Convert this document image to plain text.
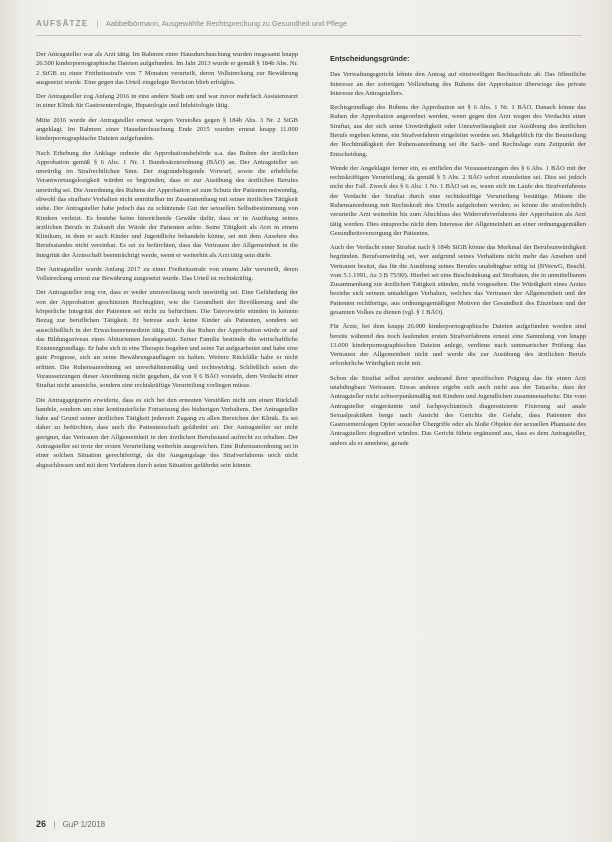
AUFSÄTZE | Aabbelbörmann, Ausgewählte Rechtsprechung zu Gesundheit und Pflege

Der Antragsteller war als Arzt tätig. Im Rahmen einer Hausdurchsuchung wurden insgesamt knapp 26.500 kinderpornographische Dateien aufgefunden. Im Jahr 2013 wurde er gemäß § 184b Abs. Nr. 2 StGB zu einer Freiheitsstrafe von 7 Monaten verurteilt, deren Vollstreckung zur Bewährung ausgesetzt wurde. Eine gegen das Urteil eingelegte Revision blieb erfolglos.

Der Antragsteller zog Anfang 2016 in eine andere Stadt um und war zuvor mehrfach Assistenzarzt in einer Klinik für Gastroenterologie, Hepatologie und Infektiologie tätig.

Mitte 2016 wurde der Antragsteller erneut wegen Verstoßes gegen § 184b Abs. 3 Nr. 2 StGB angeklagt. Im Rahmen einer Hausdurchsuchung Ende 2015 wurden erneut knapp 11.000 kinderpornographische Dateien aufgefunden.

Nach Erhebung der Anklage ordnete die Approbationsbehörde u.a. das Ruhen der ärztlichen Approbation gemäß § 6 Abs. 1 Nr. 1 Bundesärzteordnung (BÄO) an. Der Antragsteller sei unwürdig im Strafrechtlichen Sinn. Der zugrundeliegende Vorwurf, sowie die erhebliche Verantwortungslosigkeit würden es begründen, dass er zur Ausübung des ärztlichen Berufes unwürdig sei. Die Anordnung des Ruhens der Approbation sei zum Schutz der Patienten notwendig, obwohl das strafbare Verhalten nicht unmittelbar im Zusammenhang mit seiner ärztlichen Tätigkeit stehe. Der Antragsteller habe jedoch das zu schützende Gut der sexuellen Selbstbestimmung von Kindern verletzt. Es bestehe keine hinreichende Gewähr dafür, dass er in Ausübung seines ärztlichen Berufs in Zukunft die Würde der Patienten achte. Seine Tätigkeit als Arzt in einem Klinikum, in dem er auch Kinder und Jugendliche behandeln könne, sei mit dem Ansehen des Berufsstandes nicht vereinbar. Es sei zu befürchten, dass das Vertrauen der Allgemeinheit in die Integrität der Ärzteschaft beeinträchtigt werde, wenn er weiterhin als Arzt tätig sein dürfe.

Der Antragsteller wurde Anfang 2017 zu einer Freiheitsstrafe von einem Jahr verurteilt, deren Vollstreckung erneut zur Bewährung ausgesetzt wurde. Das Urteil ist rechtskräftig.

Der Antragsteller trug vor, dass er weder unzuverlässig noch unwürdig sei. Eine Gefährdung der von der Approbation geschützten Rechtsgüter, wie die Gesundheit der Bevölkerung und die körperliche Integrität der Patienten sei nicht zu befürchten. Die Tatvorwürfe stünden in keinem Bezug zur beruflichen Tätigkeit. Er betreue auch keine Kinder als Patienten, sondern sei ausschließlich in der Erwachsenenmedizin tätig. Durch das Ruhen der Approbation würde er auf das Bildungsniveau eines Abiturienten herabgesetzt. Seiner Familie bestünde die wirtschaftliche Existenzgrundlage. Er habe sich in eine Therapie begeben und seine Tat aufgearbeitet und habe eine gute Prognose, sich an seine Bewährungsauflagen zu halten. Weitere Rückfälle habe er nicht erlitten. Die Ruhensanordnung sei unverhältnismäßig und rechtswidrig. Schließlich seien die Voraussetzungen dieser Anordnung nicht gegeben, da von § 6 BÄO vorsieht, dem Verdacht einer Straftat nicht ausreiche, sondern eine rechtskräftige Verurteilung vorliegen müsse.

Die Antragsgegnerin erwiderte, dass es sich bei den erneuten Verstößen nicht um einen Rückfall handele, sondern um eine kontinuierliche Fortsetzung des bisherigen Verhaltens. Der Antragsteller habe auf Grund seiner ärztlichen Tätigkeit jederzeit Zugang zu allen Bereichen der Klinik. Es sei daher zu befürchten, dass auch die Patientenschaft gefährdet sei. Der Antragsteller sei nicht geeignet, das Vertrauen der Allgemeinheit in den ärztlichen Berufsstand aufrecht zu erhalten. Der Antragsteller sei trotz der ersten Verurteilung weiterhin ausgewichen. Eine Ruhensanordnung sei in einer solchen Situation gerechtfertigt, da die Ausgangslage des Strafverfahrens noch nicht abgeschlossen und mit dem Verfahren durch seine Situation gefährdet sein könnte.

Entscheidungsgründe:

Das Verwaltungsgericht lehnte den Antrag auf einstweiligen Rechtsschutz ab. Das öffentliche Interesse an der sofortigen Vollziehung des Ruhens der Approbation überwiege das private Interesse des Antragstellers.

Rechtsgrundlage des Ruhens der Approbation sei § 6 Abs. 1 Nr. 1 BÄO. Danach könne das Ruhen der Approbation angeordnet werden, wenn gegen den Arzt wegen des Verdachts einer Straftat, aus der sich seine Unwürdigkeit oder Unzuverlässigkeit zur Ausübung des ärztlichen Berufs ergeben könne, ein Strafverfahren eingeleitet worden sei. Maßgeblich für die Beurteilung der Rechtmäßigkeit der Ruhensanordnung sei die Sach- und Rechtslage zum Zeitpunkt der Entscheidung.

Wende der Angeklagte ferner ein, es entfielen die Voraussetzungen des § 6 Abs. 1 BÄO mit der rechtskräftigen Verurteilung, da gemäß § 5 Abs. 2 BÄO sofort einzuleiten sei. Dies sei jedoch nicht der Fall. Zweck des § 6 Abs. 1 Nr. 1 BÄO sei es, wenn sich im Laufe des Strafverfahrens der Verdacht der Straftat durch eine rechtskräftige Verurteilung bestätige. Müsste die Ruhensanordnung mit Rechtskraft des Urteils aufgehoben werden, so könne die strafrechtlich verurteilte Arzt weiterhin bis zum Abschluss des Widerrufsverfahrens der Approbation als Arzt tätig werden. Dies entspreche nicht dem Interesse der Allgemeinheit an einer ordnungsgemäßen Gesundheitsversorgung der Patienten.

Auch der Verdacht einer Straftat nach § 184b StGB könne das Merkmal der Berufsunwürdigkeit begründen. Berufsunwürdig sei, wer aufgrund seines Verhaltens nicht mehr das Ansehen und Vertrauen besitzt, das für die Ausübung seines Berufes unabdingbar nötig ist (BVerwG, Beschl. vom 5.1.1991, Az 3 B 75/90). Hierbei sei eine Beschränkung auf Straftaten, die in unmittelbarem Zusammenhang zur ärztlichen Tätigkeit stünden, nicht vorgesehen. Die Würdigkeit eines Arztes beziehe sich seinem untadeligen Verhalten, welches das Vertrauen der Allgemeinheit und der Patienten rechtfertige, aus ordnungsgemäßigen Motiven der Gesundheit des Einzelnen und der gesamten Volkes zu dienen (vgl. § 1 BÄO).

Für Ärzte, bei dem knapp 26.000 kinderpornographische Dateien aufgefunden worden sind bereits während des noch laufenden ersten Strafverfahrens erneut eine Sammlung von knapp 13.000 kinderpornographischen Dateien anlege, verdiene nach summarischer Prüfung das Vertrauen der Allgemeinheit nicht und werde die zur Ausübung des ärztlichen Berufs erforderliche Würdigkeit nicht mit.

Schon die Straftat selbst zerstöre anderand ihrer spezifischen Prägung das für einen Arzt unabdingbare Vertrauen. Etwas anderes ergebe sich auch nicht aus der Tatsache, dass der Antragsteller nicht schwerpunktmäßig mit Kindern und Jugendlichen zusammenarbeite. Die vom Antragsteller eingeräumte und fachpsychiatrisch diagnostizierte Fixierung auf anale Sexualpraktiken berge nach Ansicht des Gerichts die Gefahr, dass Patienten des Gastroenterologen Opfer sexueller Übergriffe oder als bloße Objekte der sexuellen Phantasie des Antragstellers degradiert würden. Das Gericht führte ergänzend aus, dass es dem Antragsteller, anders als er annehme, gerade

26 | GuP 1/2018
